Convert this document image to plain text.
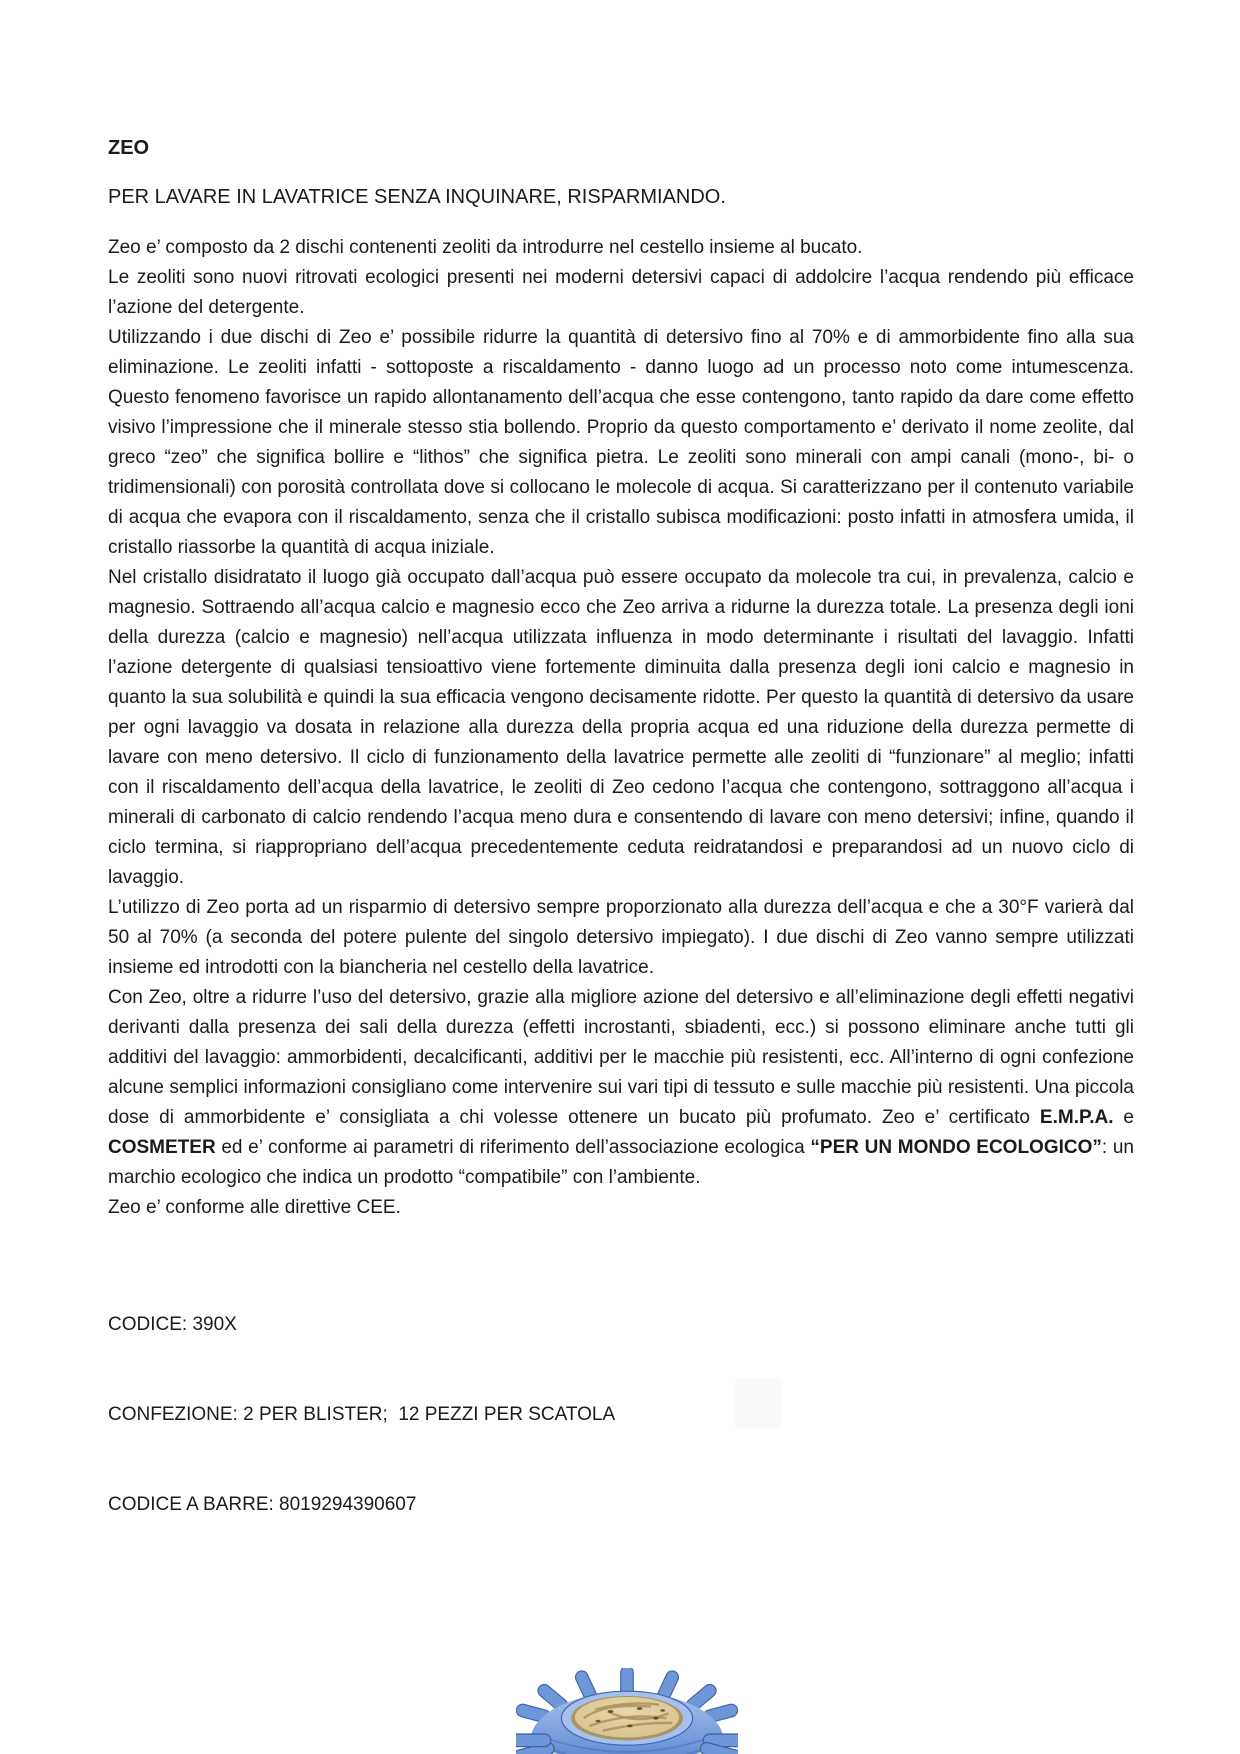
ZEO
PER LAVARE IN LAVATRICE SENZA INQUINARE, RISPARMIANDO.

Zeo e’ composto da 2 dischi contenenti zeoliti da introdurre nel cestello insieme al bucato.

Le zeoliti sono nuovi ritrovati ecologici presenti nei moderni detersivi capaci di addolcire l’acqua rendendo più efficace l’azione del detergente.

Utilizzando i due dischi di Zeo e’ possibile ridurre la quantità di detersivo fino al 70% e di ammorbidente fino alla sua eliminazione. Le zeoliti infatti - sottoposte a riscaldamento - danno luogo ad un processo noto come intumescenza. Questo fenomeno favorisce un rapido allontanamento dell’acqua che esse contengono, tanto rapido da dare come effetto visivo l’impressione che il minerale stesso stia bollendo. Proprio da questo comportamento e’ derivato il nome zeolite, dal greco “zeo” che significa bollire e “lithos” che significa pietra. Le zeoliti sono minerali con ampi canali (mono-, bi- o tridimensionali) con porosità controllata dove si collocano le molecole di acqua. Si caratterizzano per il contenuto variabile di acqua che evapora con il riscaldamento, senza che il cristallo subisca modificazioni: posto infatti in atmosfera umida, il cristallo riassorbe la quantità di acqua iniziale.

Nel cristallo disidratato il luogo già occupato dall’acqua può essere occupato da molecole tra cui, in prevalenza, calcio e magnesio. Sottraendo all’acqua calcio e magnesio ecco che Zeo arriva a ridurne la durezza totale. La presenza degli ioni della durezza (calcio e magnesio) nell’acqua utilizzata influenza in modo determinante i risultati del lavaggio. Infatti l’azione detergente di qualsiasi tensioattivo viene fortemente diminuita dalla presenza degli ioni calcio e magnesio in quanto la sua solubilità e quindi la sua efficacia vengono decisamente ridotte. Per questo la quantità di detersivo da usare per ogni lavaggio va dosata in relazione alla durezza della propria acqua ed una riduzione della durezza permette di lavare con meno detersivo. Il ciclo di funzionamento della lavatrice permette alle zeoliti di “funzionare” al meglio; infatti con il riscaldamento dell’acqua della lavatrice, le zeoliti di Zeo cedono l’acqua che contengono, sottraggono all’acqua i minerali di carbonato di calcio rendendo l’acqua meno dura e consentendo di lavare con meno detersivi; infine, quando il ciclo termina, si riappropriano dell’acqua precedentemente ceduta reidratandosi e preparandosi ad un nuovo ciclo di lavaggio.

L’utilizzo di Zeo porta ad un risparmio di detersivo sempre proporzionato alla durezza dell’acqua e che a 30°F varierà dal 50 al 70% (a seconda del potere pulente del singolo detersivo impiegato). I due dischi di Zeo vanno sempre utilizzati insieme ed introdotti con la biancheria nel cestello della lavatrice.

Con Zeo, oltre a ridurre l’uso del detersivo, grazie alla migliore azione del detersivo e all’eliminazione degli effetti negativi derivanti dalla presenza dei sali della durezza (effetti incrostanti, sbiadenti, ecc.) si possono eliminare anche tutti gli additivi del lavaggio: ammorbidenti, decalcificanti, additivi per le macchie più resistenti, ecc. All’interno di ogni confezione alcune semplici informazioni consigliano come intervenire sui vari tipi di tessuto e sulle macchie più resistenti. Una piccola dose di ammorbidente e’ consigliata a chi volesse ottenere un bucato più profumato. Zeo e’ certificato E.M.P.A. e COSMETER ed e’ conforme ai parametri di riferimento dell’associazione ecologica “PER UN MONDO ECOLOGICO”: un marchio ecologico che indica un prodotto “compatibile” con l’ambiente.

Zeo e’ conforme alle direttive CEE.

CODICE: 390X

CONFEZIONE: 2 PER BLISTER;  12 PEZZI PER SCATOLA

CODICE A BARRE: 8019294390607
